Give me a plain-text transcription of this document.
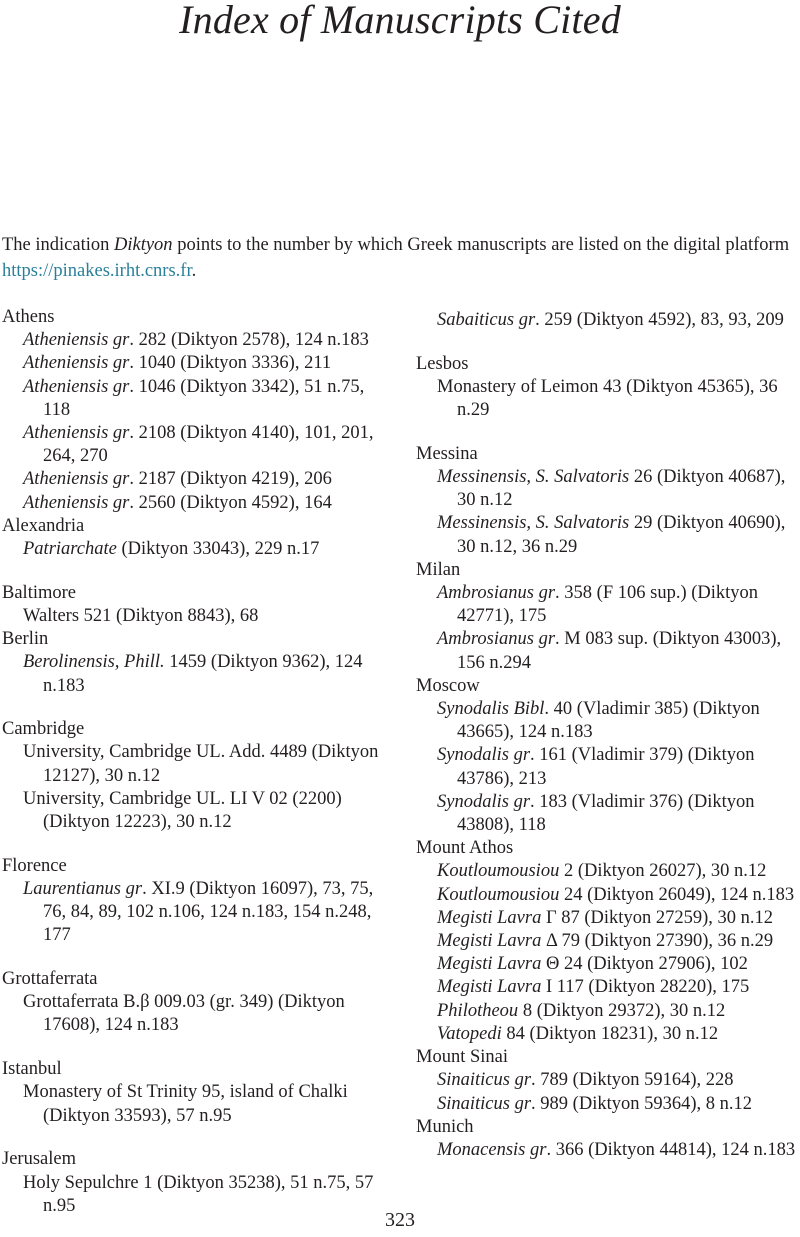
Index of Manuscripts Cited

The indication Diktyon points to the number by which Greek manuscripts are listed on the digital platform https://pinakes.irht.cnrs.fr.

Athens

Atheniensis gr. 282 (Diktyon 2578), 124 n.183

Atheniensis gr. 1040 (Diktyon 3336), 211

Atheniensis gr. 1046 (Diktyon 3342), 51 n.75, 118

Atheniensis gr. 2108 (Diktyon 4140), 101, 201, 264, 270

Atheniensis gr. 2187 (Diktyon 4219), 206

Atheniensis gr. 2560 (Diktyon 4592), 164

Alexandria

Patriarchate (Diktyon 33043), 229 n.17

Baltimore

Walters 521 (Diktyon 8843), 68

Berlin

Berolinensis, Phill. 1459 (Diktyon 9362), 124 n.183

Cambridge

University, Cambridge UL. Add. 4489 (Diktyon 12127), 30 n.12

University, Cambridge UL. LI V 02 (2200) (Diktyon 12223), 30 n.12

Florence

Laurentianus gr. XI.9 (Diktyon 16097), 73, 75, 76, 84, 89, 102 n.106, 124 n.183, 154 n.248, 177

Grottaferrata

Grottaferrata B.β 009.03 (gr. 349) (Diktyon 17608), 124 n.183

Istanbul

Monastery of St Trinity 95, island of Chalki (Diktyon 33593), 57 n.95

Jerusalem

Holy Sepulchre 1 (Diktyon 35238), 51 n.75, 57 n.95

Sabaiticus gr. 259 (Diktyon 4592), 83, 93, 209

Lesbos

Monastery of Leimon 43 (Diktyon 45365), 36 n.29

Messina

Messinensis, S. Salvatoris 26 (Diktyon 40687), 30 n.12

Messinensis, S. Salvatoris 29 (Diktyon 40690), 30 n.12, 36 n.29

Milan

Ambrosianus gr. 358 (F 106 sup.) (Diktyon 42771), 175

Ambrosianus gr. M 083 sup. (Diktyon 43003), 156 n.294

Moscow

Synodalis Bibl. 40 (Vladimir 385) (Diktyon 43665), 124 n.183

Synodalis gr. 161 (Vladimir 379) (Diktyon 43786), 213

Synodalis gr. 183 (Vladimir 376) (Diktyon 43808), 118

Mount Athos

Koutloumousiou 2 (Diktyon 26027), 30 n.12

Koutloumousiou 24 (Diktyon 26049), 124 n.183

Megisti Lavra Γ 87 (Diktyon 27259), 30 n.12

Megisti Lavra Δ 79 (Diktyon 27390), 36 n.29

Megisti Lavra Θ 24 (Diktyon 27906), 102

Megisti Lavra I 117 (Diktyon 28220), 175

Philotheou 8 (Diktyon 29372), 30 n.12

Vatopedi 84 (Diktyon 18231), 30 n.12

Mount Sinai

Sinaiticus gr. 789 (Diktyon 59164), 228

Sinaiticus gr. 989 (Diktyon 59364), 8 n.12

Munich

Monacensis gr. 366 (Diktyon 44814), 124 n.183

323
